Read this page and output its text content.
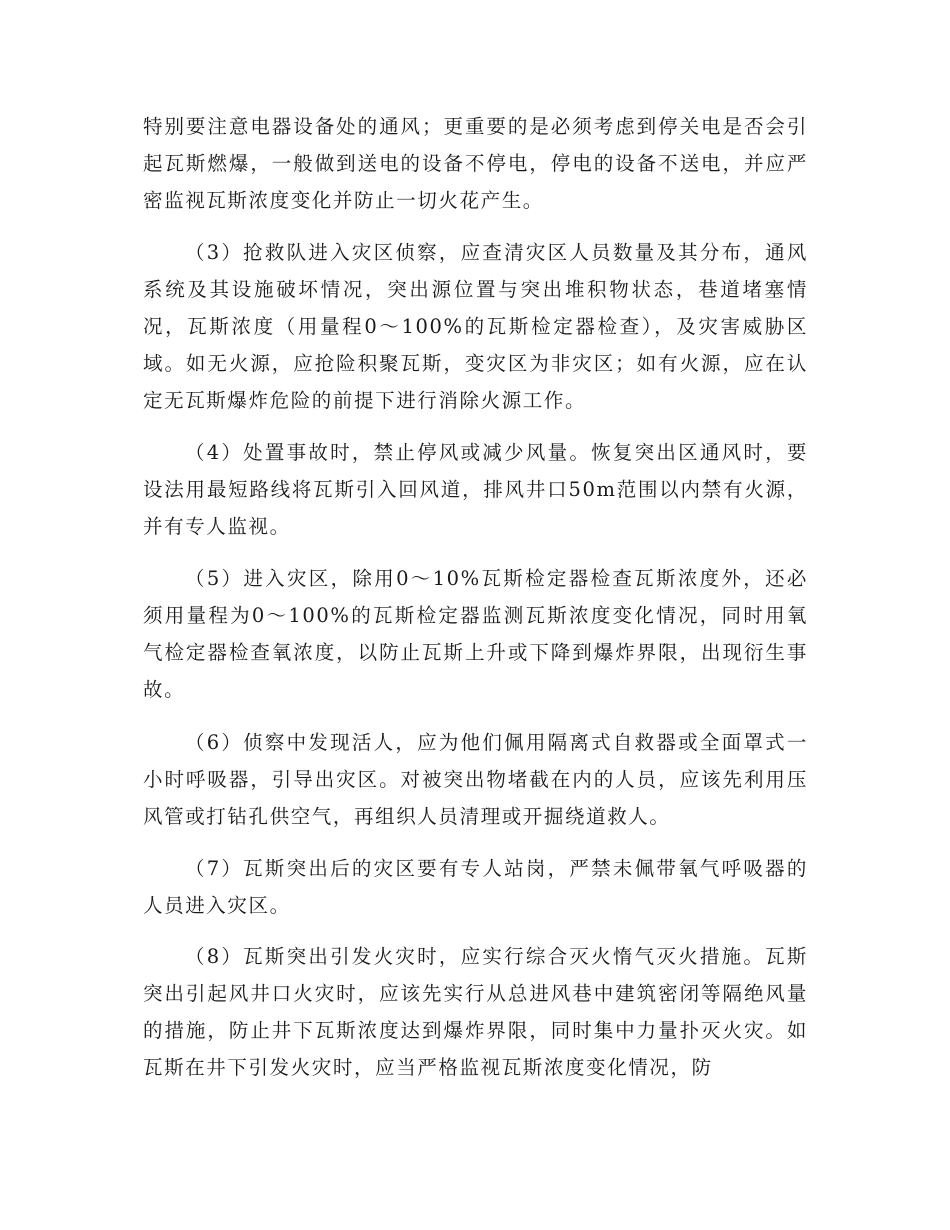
特别要注意电器设备处的通风；更重要的是必须考虑到停关电是否会引起瓦斯燃爆，一般做到送电的设备不停电，停电的设备不送电，并应严密监视瓦斯浓度变化并防止一切火花产生。

（3）抢救队进入灾区侦察，应查清灾区人员数量及其分布，通风系统及其设施破坏情况，突出源位置与突出堆积物状态，巷道堵塞情况，瓦斯浓度（用量程0～100%的瓦斯检定器检查），及灾害威胁区域。如无火源，应抢险积聚瓦斯，变灾区为非灾区；如有火源，应在认定无瓦斯爆炸危险的前提下进行消除火源工作。

（4）处置事故时，禁止停风或减少风量。恢复突出区通风时，要设法用最短路线将瓦斯引入回风道，排风井口50m范围以内禁有火源，并有专人监视。

（5）进入灾区，除用0～10%瓦斯检定器检查瓦斯浓度外，还必须用量程为0～100%的瓦斯检定器监测瓦斯浓度变化情况，同时用氧气检定器检查氧浓度，以防止瓦斯上升或下降到爆炸界限，出现衍生事故。

（6）侦察中发现活人，应为他们佩用隔离式自救器或全面罩式一小时呼吸器，引导出灾区。对被突出物堵截在内的人员，应该先利用压风管或打钻孔供空气，再组织人员清理或开掘绕道救人。

（7）瓦斯突出后的灾区要有专人站岗，严禁未佩带氧气呼吸器的人员进入灾区。

（8）瓦斯突出引发火灾时，应实行综合灭火惰气灭火措施。瓦斯突出引起风井口火灾时，应该先实行从总进风巷中建筑密闭等隔绝风量的措施，防止井下瓦斯浓度达到爆炸界限，同时集中力量扑灭火灾。如瓦斯在井下引发火灾时，应当严格监视瓦斯浓度变化情况，防
